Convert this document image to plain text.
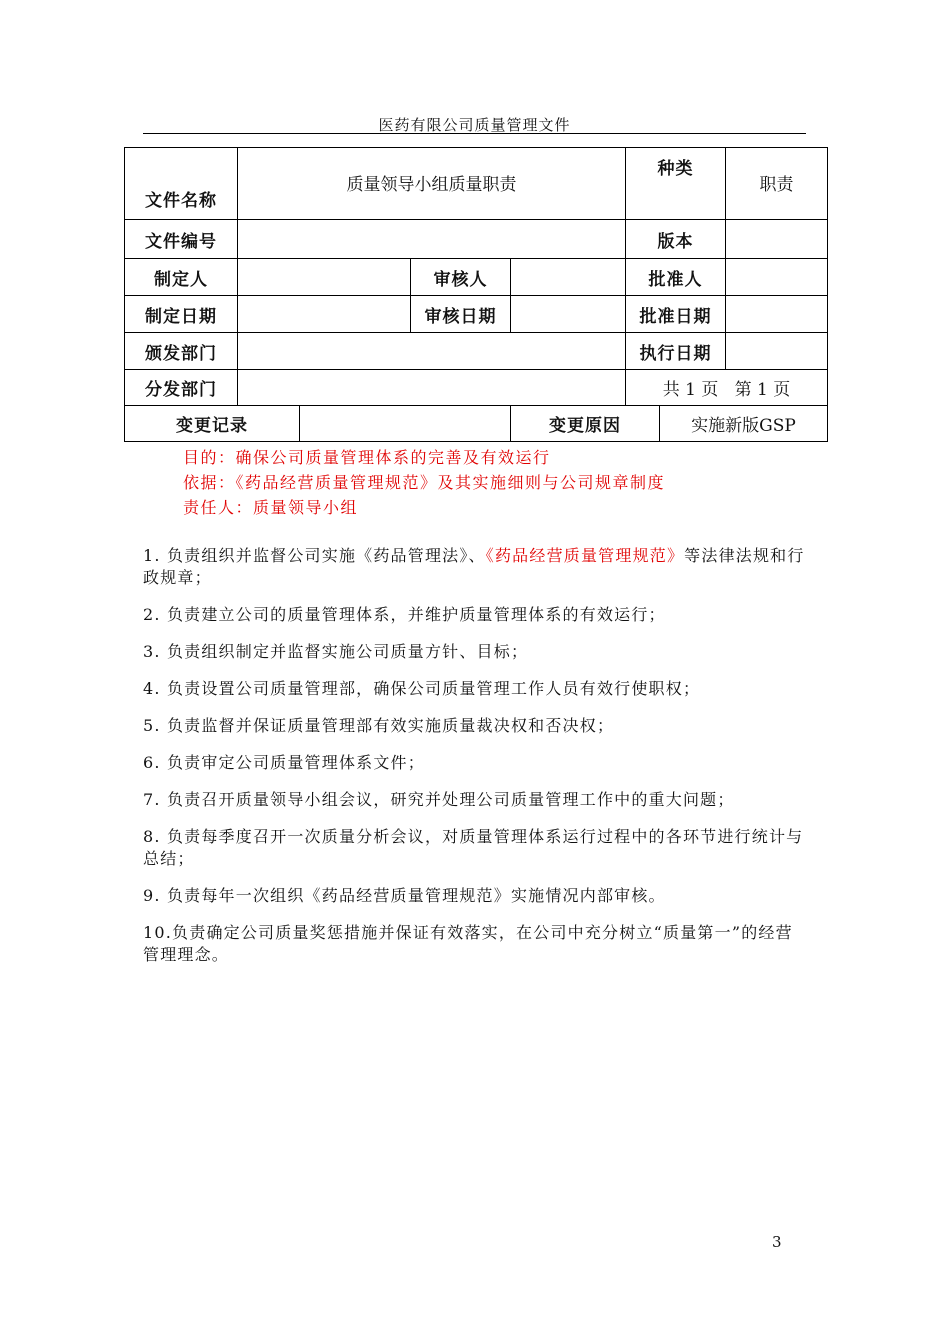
医药有限公司质量管理文件
文件名称	质量领导小组质量职责				种类		职责
文件编号					版本		
制定人			审核人		批准人		
制定日期			审核日期		批准日期		
颁发部门					执行日期		
分发部门					共 1 页   第 1 页		
变更记录				变更原因		实施新版GSP	
目的：确保公司质量管理体系的完善及有效运行
依据：《药品经营质量管理规范》及其实施细则与公司规章制度
责任人：质量领导小组

1. 负责组织并监督公司实施《药品管理法》、《药品经营质量管理规范》等法律法规和行政规章；

2. 负责建立公司的质量管理体系，并维护质量管理体系的有效运行；

3. 负责组织制定并监督实施公司质量方针、目标；

4. 负责设置公司质量管理部，确保公司质量管理工作人员有效行使职权；

5. 负责监督并保证质量管理部有效实施质量裁决权和否决权；

6. 负责审定公司质量管理体系文件；

7. 负责召开质量领导小组会议，研究并处理公司质量管理工作中的重大问题；

8. 负责每季度召开一次质量分析会议，对质量管理体系运行过程中的各环节进行统计与总结；

9. 负责每年一次组织《药品经营质量管理规范》实施情况内部审核。

10.负责确定公司质量奖惩措施并保证有效落实，在公司中充分树立“质量第一”的经营管理理念。

3
